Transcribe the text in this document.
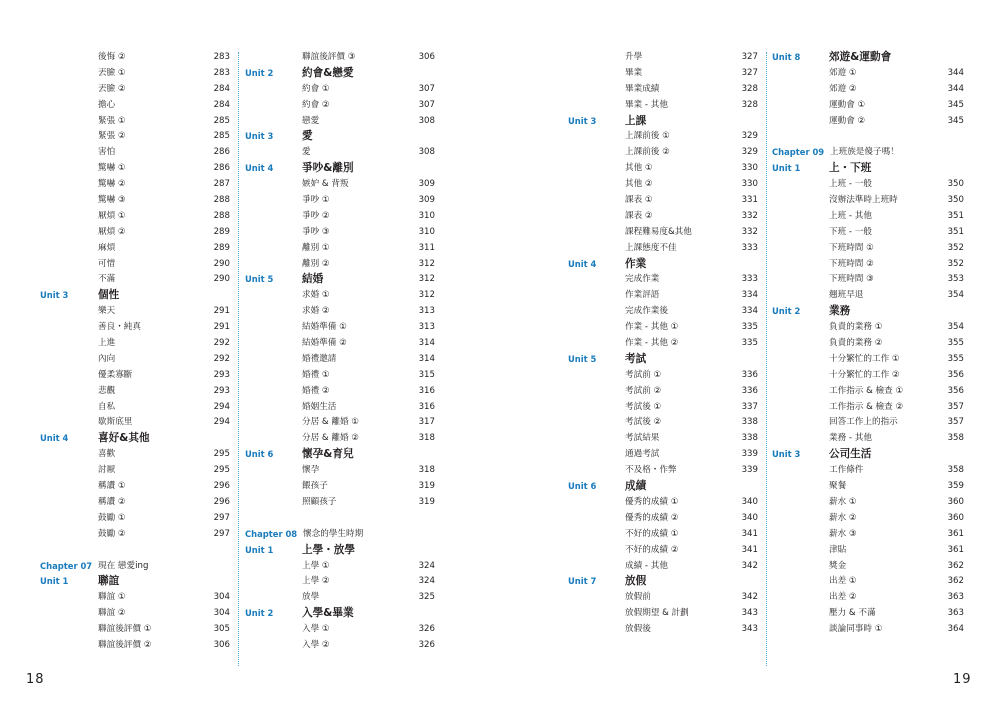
後悔 ②	283
丟臉 ①	283
丟臉 ②	284
擔心	284
緊張 ①	285
緊張 ②	285
害怕	286
驚嚇 ①	286
驚嚇 ②	287
驚嚇 ③	288
厭煩 ①	288
厭煩 ②	289
麻煩	289
可惜	290
不滿	290
Unit 3	個性
樂天	291
善良・純真	291
上進	292
內向	292
優柔寡斷	293
悲觀	293
自私	294
歇斯底里	294
Unit 4	喜好&其他
喜歡	295
討厭	295
稱讚 ①	296
稱讚 ②	296
鼓勵 ①	297
鼓勵 ②	297
Chapter 07 現在 戀愛ing
Unit 1	聯誼
聯誼 ①	304
聯誼 ②	304
聯誼後評價 ①	305
聯誼後評價 ②	306
聯誼後評價 ③	306
Unit 2	約會&戀愛
約會 ①	307
約會 ②	307
戀愛	308
Unit 3	愛
愛	308
Unit 4	爭吵&離別
嫉妒 & 背叛	309
爭吵 ①	309
爭吵 ②	310
爭吵 ③	310
離別 ①	311
離別 ②	312
Unit 5	結婚	312
求婚 ①	312
求婚 ②	313
結婚準備 ①	313
結婚準備 ②	314
婚禮邀請	314
婚禮 ①	315
婚禮 ②	316
婚姻生活	316
分居 & 離婚 ①	317
分居 & 離婚 ②	318
Unit 6	懷孕&育兒
懷孕	318
餵孩子	319
照顧孩子	319
Chapter 08 懷念的學生時期
Unit 1	上學・放學
上學 ①	324
上學 ②	324
放學	325
Unit 2	入學&畢業
入學 ①	326
入學 ②	326
升學	327
畢業	327
畢業成績	328
畢業 - 其他	328
Unit 3	上課
上課前後 ①	329
上課前後 ②	329
其他 ①	330
其他 ②	330
課表 ①	331
課表 ②	332
課程難易度&其他	332
上課態度不佳	333
Unit 4	作業
完成作業	333
作業評語	334
完成作業後	334
作業 - 其他 ①	335
作業 - 其他 ②	335
Unit 5	考試
考試前 ①	336
考試前 ②	336
考試後 ①	337
考試後 ②	338
考試結果	338
通過考試	339
不及格・作弊	339
Unit 6	成績
優秀的成績 ①	340
優秀的成績 ②	340
不好的成績 ①	341
不好的成績 ②	341
成績 - 其他	342
Unit 7	放假
放假前	342
放假期望 & 計劃	343
放假後	343
Unit 8	郊遊&運動會
郊遊 ①	344
郊遊 ②	344
運動會 ①	345
運動會 ②	345
Chapter 09 上班族是傻子嗎！
Unit 1	上・下班
上班 - 一般	350
沒辦法準時上班時	350
上班 - 其他	351
下班 - 一般	351
下班時間 ①	352
下班時間 ②	352
下班時間 ③	353
翹班早退	354
Unit 2	業務
負責的業務 ①	354
負責的業務 ②	355
十分繁忙的工作 ①	355
十分繁忙的工作 ②	356
工作指示 & 檢查 ①	356
工作指示 & 檢查 ②	357
回答工作上的指示	357
業務 - 其他	358
Unit 3	公司生活
工作條件	358
聚餐	359
薪水 ①	360
薪水 ②	360
薪水 ③	361
津貼	361
獎金	362
出差 ①	362
出差 ②	363
壓力 & 不滿	363
談論同事時 ①	364
18	19
